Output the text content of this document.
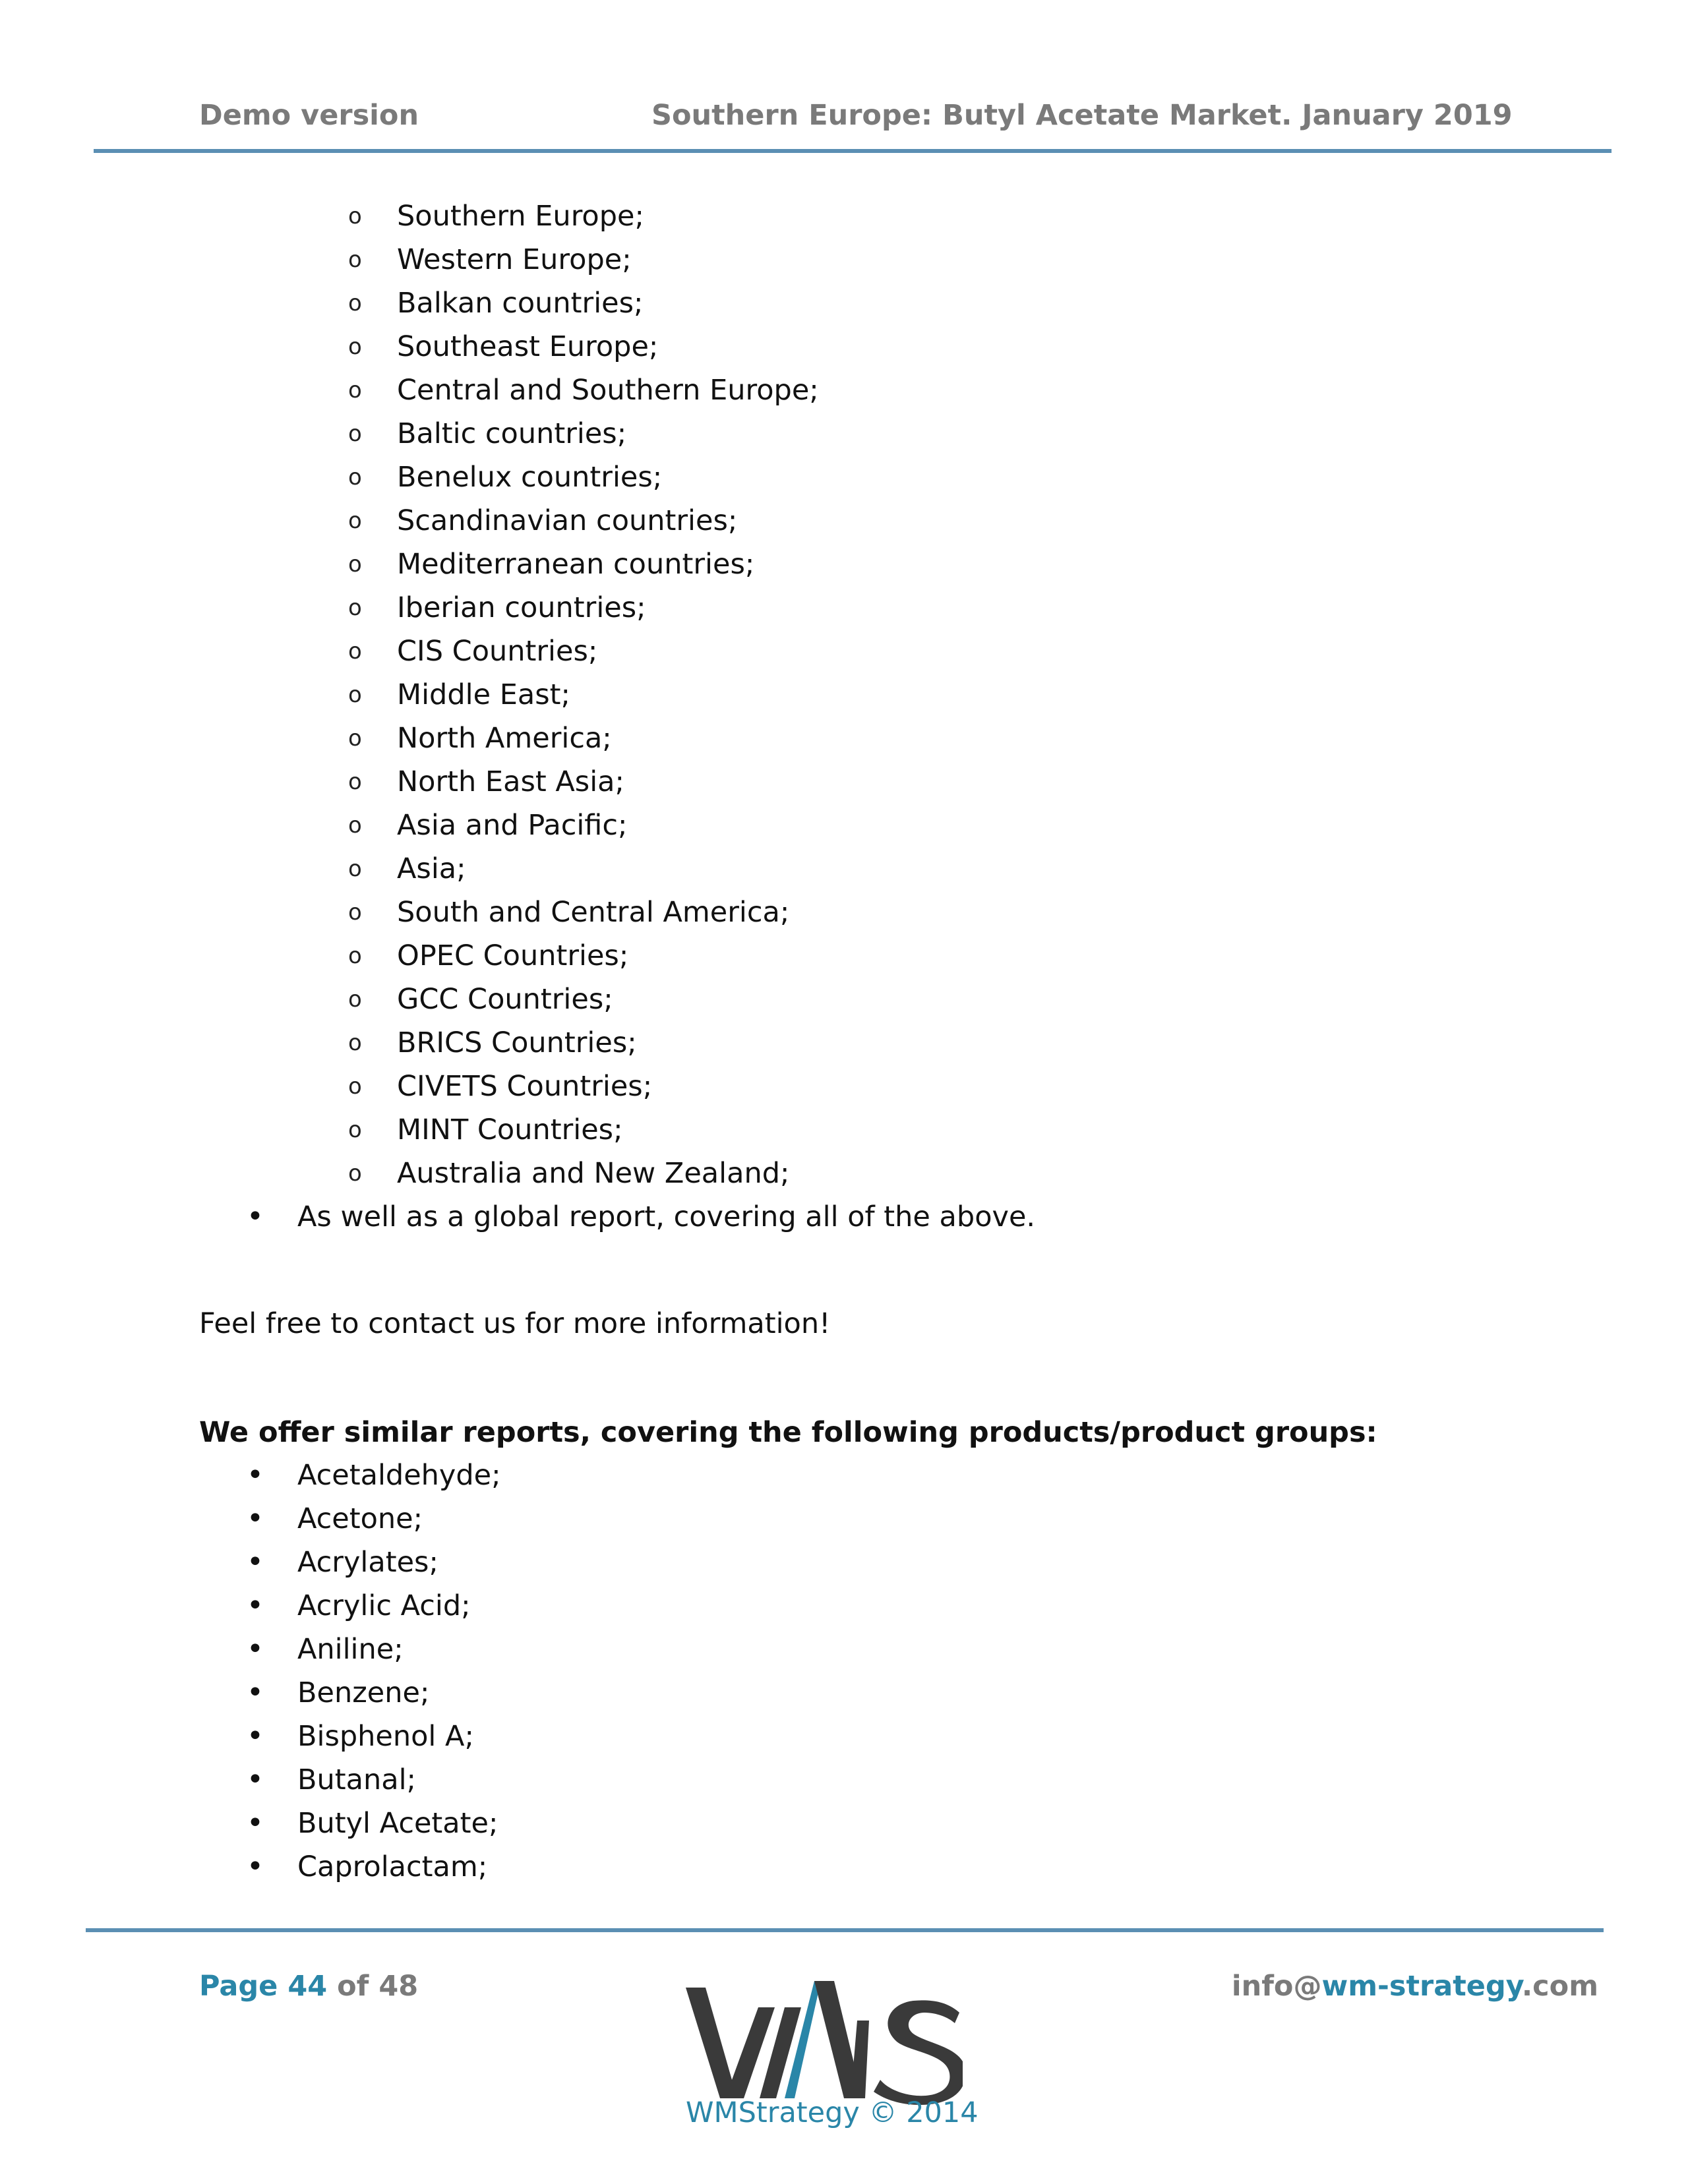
Demo version	Southern Europe: Butyl Acetate Market. January 2019
o Southern Europe;
o Western Europe;
o Balkan countries;
o Southeast Europe;
o Central and Southern Europe;
o Baltic countries;
o Benelux countries;
o Scandinavian countries;
o Mediterranean countries;
o Iberian countries;
o CIS Countries;
o Middle East;
o North America;
o North East Asia;
o Asia and Pacific;
o Asia;
o South and Central America;
o OPEC Countries;
o GCC Countries;
o BRICS Countries;
o CIVETS Countries;
o MINT Countries;
o Australia and New Zealand;
• As well as a global report, covering all of the above.
Feel free to contact us for more information!
We offer similar reports, covering the following products/product groups:
• Acetaldehyde;
• Acetone;
• Acrylates;
• Acrylic Acid;
• Aniline;
• Benzene;
• Bisphenol A;
• Butanal;
• Butyl Acetate;
• Caprolactam;
Page 44 of 48	info@wm-strategy.com
WMStrategy © 2014
